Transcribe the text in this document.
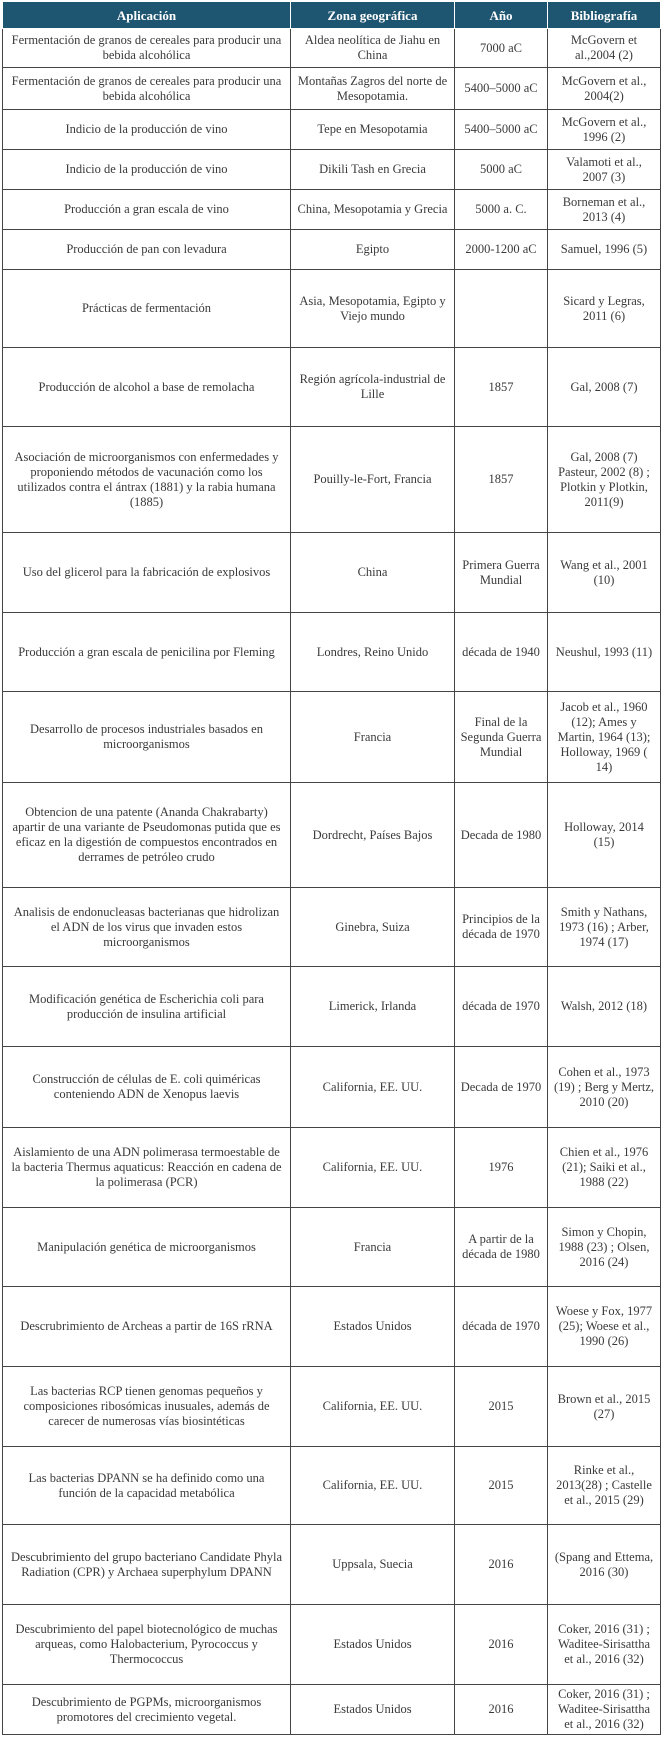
Aplicación	Zona geográfica	Año	Bibliografía
Fermentación de granos de cereales para producir una bebida alcohólica	Aldea neolítica de Jiahu en China	7000 aC	McGovern et al.,2004 (2)
Fermentación de granos de cereales para producir una bebida alcohólica	Montañas Zagros del norte de Mesopotamia.	5400–5000 aC	McGovern et al., 2004(2)
Indicio de la producción de vino	Tepe en Mesopotamia	5400–5000 aC	McGovern et al., 1996 (2)
Indicio de la producción de vino	Dikili Tash en Grecia	5000 aC	Valamoti et al., 2007 (3)
Producción a gran escala de vino	China, Mesopotamia y Grecia	5000 a. C.	Borneman et al., 2013 (4)
Producción de pan con levadura	Egipto	2000-1200 aC	Samuel, 1996 (5)
Prácticas de fermentación	Asia, Mesopotamia, Egipto y Viejo mundo		Sicard y Legras, 2011 (6)
Producción de alcohol a base de remolacha	Región agrícola-industrial de Lille	1857	Gal, 2008 (7)
Asociación de microorganismos con enfermedades y proponiendo métodos de vacunación como los utilizados contra el ántrax (1881) y la rabia humana (1885)	Pouilly-le-Fort, Francia	1857	Gal, 2008 (7) Pasteur, 2002 (8) ; Plotkin y Plotkin, 2011(9)
Uso del glicerol para la fabricación de explosivos	China	Primera Guerra Mundial	Wang et al., 2001 (10)
Producción a gran escala de penicilina por Fleming	Londres, Reino Unido	década de 1940	Neushul, 1993 (11)
Desarrollo de procesos industriales basados en microorganismos	Francia	Final de la Segunda Guerra Mundial	Jacob et al., 1960 (12); Ames y Martin, 1964 (13); Holloway, 1969 ( 14)
Obtencion de una patente (Ananda Chakrabarty) apartir de una variante de Pseudomonas putida que es eficaz en la digestión de compuestos encontrados en derrames de petróleo crudo	Dordrecht, Países Bajos	Decada de 1980	Holloway, 2014 (15)
Analisis de endonucleasas bacterianas que hidrolizan el ADN de los virus que invaden estos microorganismos	Ginebra, Suiza	Principios de la década de 1970	Smith y Nathans, 1973 (16) ; Arber, 1974 (17)
Modificación genética de Escherichia coli para producción de insulina artificial	Limerick, Irlanda	década de 1970	Walsh, 2012 (18)
Construcción de células de E. coli quiméricas conteniendo ADN de Xenopus laevis	California, EE. UU.	Decada de 1970	Cohen et al., 1973 (19) ; Berg y Mertz, 2010 (20)
Aislamiento de una ADN polimerasa termoestable de la bacteria Thermus aquaticus: Reacción en cadena de la polimerasa (PCR)	California, EE. UU.	1976	Chien et al., 1976 (21); Saiki et al., 1988 (22)
Manipulación genética de microorganismos	Francia	A partir de la década de 1980	Simon y Chopin, 1988 (23) ; Olsen, 2016 (24)
Descrubrimiento de Archeas a partir de 16S rRNA	Estados Unidos	década de 1970	Woese y Fox, 1977 (25); Woese et al., 1990 (26)
Las bacterias RCP tienen genomas pequeños y composiciones ribosómicas inusuales, además de carecer de numerosas vías biosintéticas	California, EE. UU.	2015	Brown et al., 2015 (27)
Las bacterias DPANN se ha definido como una función de la capacidad metabólica	California, EE. UU.	2015	Rinke et al., 2013(28) ; Castelle et al., 2015 (29)
Descubrimiento del grupo bacteriano Candidate Phyla Radiation (CPR) y Archaea superphylum DPANN	Uppsala, Suecia	2016	(Spang and Ettema, 2016 (30)
Descubrimiento del papel biotecnológico de muchas arqueas, como Halobacterium, Pyrococcus y Thermococcus	Estados Unidos	2016	Coker, 2016 (31) ; Waditee-Sirisattha et al., 2016 (32)
Descubrimiento de PGPMs, microorganismos promotores del crecimiento vegetal.	Estados Unidos	2016	Coker, 2016 (31) ; Waditee-Sirisattha et al., 2016 (32)
